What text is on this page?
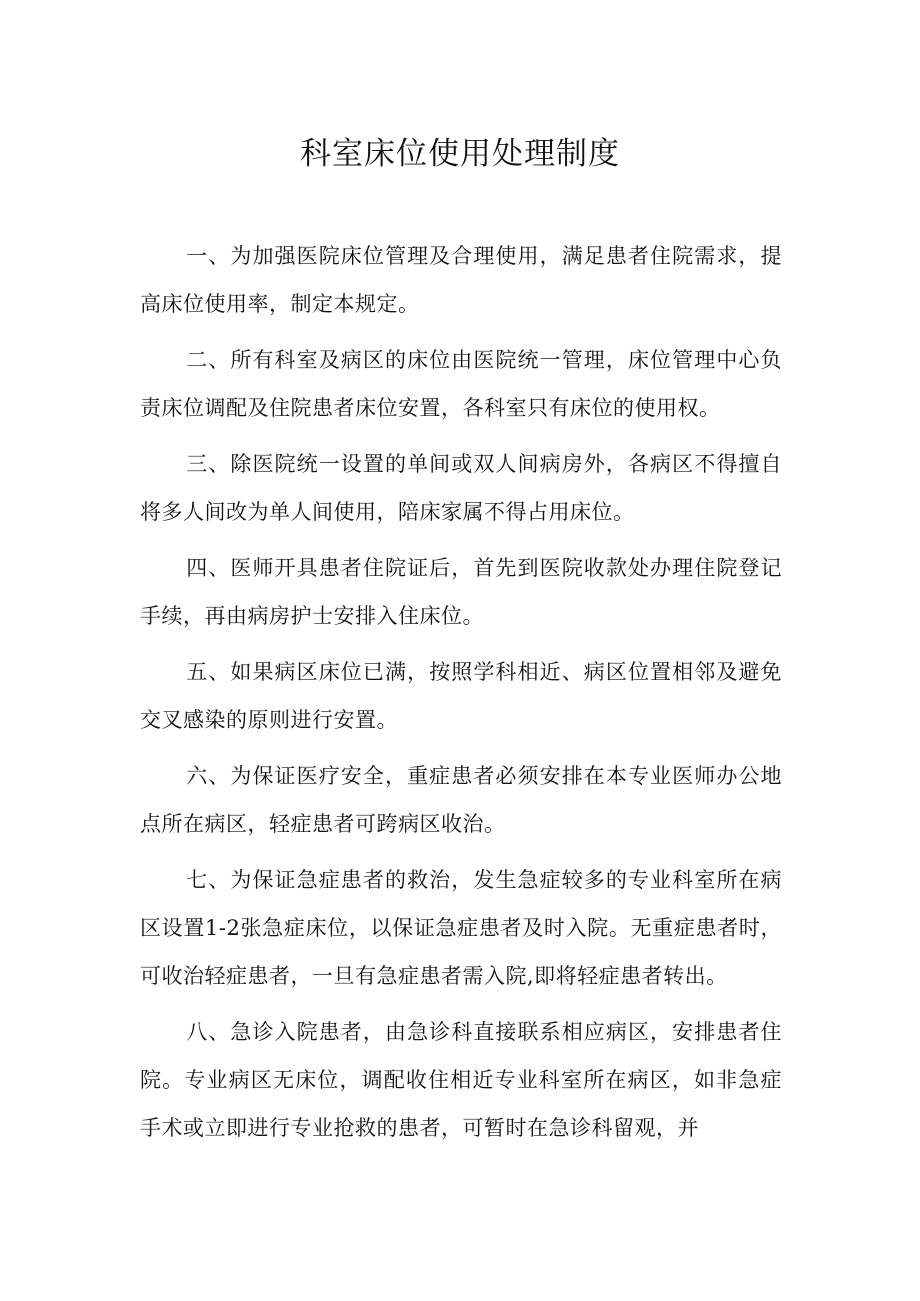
科室床位使用处理制度

一、为加强医院床位管理及合理使用，满足患者住院需求，提高床位使用率，制定本规定。

二、所有科室及病区的床位由医院统一管理，床位管理中心负责床位调配及住院患者床位安置，各科室只有床位的使用权。

三、除医院统一设置的单间或双人间病房外，各病区不得擅自将多人间改为单人间使用，陪床家属不得占用床位。

四、医师开具患者住院证后，首先到医院收款处办理住院登记手续，再由病房护士安排入住床位。

五、如果病区床位已满，按照学科相近、病区位置相邻及避免交叉感染的原则进行安置。

六、为保证医疗安全，重症患者必须安排在本专业医师办公地点所在病区，轻症患者可跨病区收治。

七、为保证急症患者的救治，发生急症较多的专业科室所在病区设置1-2张急症床位，以保证急症患者及时入院。无重症患者时，可收治轻症患者，一旦有急症患者需入院,即将轻症患者转出。

八、急诊入院患者，由急诊科直接联系相应病区，安排患者住院。专业病区无床位，调配收住相近专业科室所在病区，如非急症手术或立即进行专业抢救的患者，可暂时在急诊科留观，并
